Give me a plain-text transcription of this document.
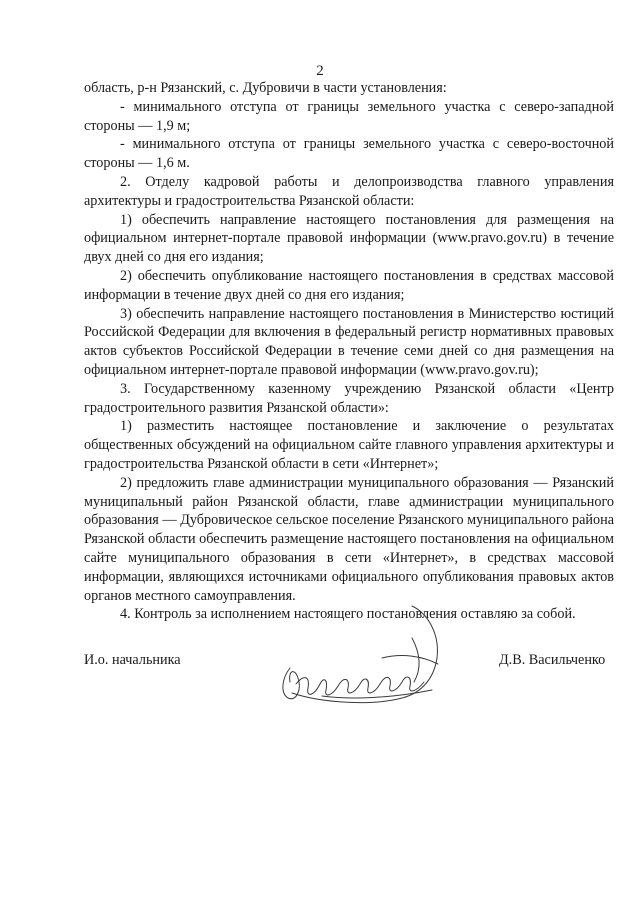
2

область, р-н Рязанский, с. Дубровичи в части установления:

- минимального отступа от границы земельного участка с северо-западной стороны — 1,9 м;

- минимального отступа от границы земельного участка с северо-восточной стороны — 1,6 м.

2. Отделу кадровой работы и делопроизводства главного управления архитектуры и градостроительства Рязанской области:

1) обеспечить направление настоящего постановления для размещения на официальном интернет-портале правовой информации (www.pravo.gov.ru) в течение двух дней со дня его издания;

2) обеспечить опубликование настоящего постановления в средствах массовой информации в течение двух дней со дня его издания;

3) обеспечить направление настоящего постановления в Министерство юстиций Российской Федерации для включения в федеральный регистр нормативных правовых актов субъектов Российской Федерации в течение семи дней со дня размещения на официальном интернет-портале правовой информации (www.pravo.gov.ru);

3. Государственному казенному учреждению Рязанской области «Центр градостроительного развития Рязанской области»:

1) разместить настоящее постановление и заключение о результатах общественных обсуждений на официальном сайте главного управления архитектуры и градостроительства Рязанской области в сети «Интернет»;

2) предложить главе администрации муниципального образования — Рязанский муниципальный район Рязанской области, главе администрации муниципального образования — Дубровическое сельское поселение Рязанского муниципального района Рязанской области обеспечить размещение настоящего постановления на официальном сайте муниципального образования в сети «Интернет», в средствах массовой информации, являющихся источниками официального опубликования правовых актов органов местного самоуправления.

4. Контроль за исполнением настоящего постановления оставляю за собой.

И.о. начальника	Д.В. Васильченко
